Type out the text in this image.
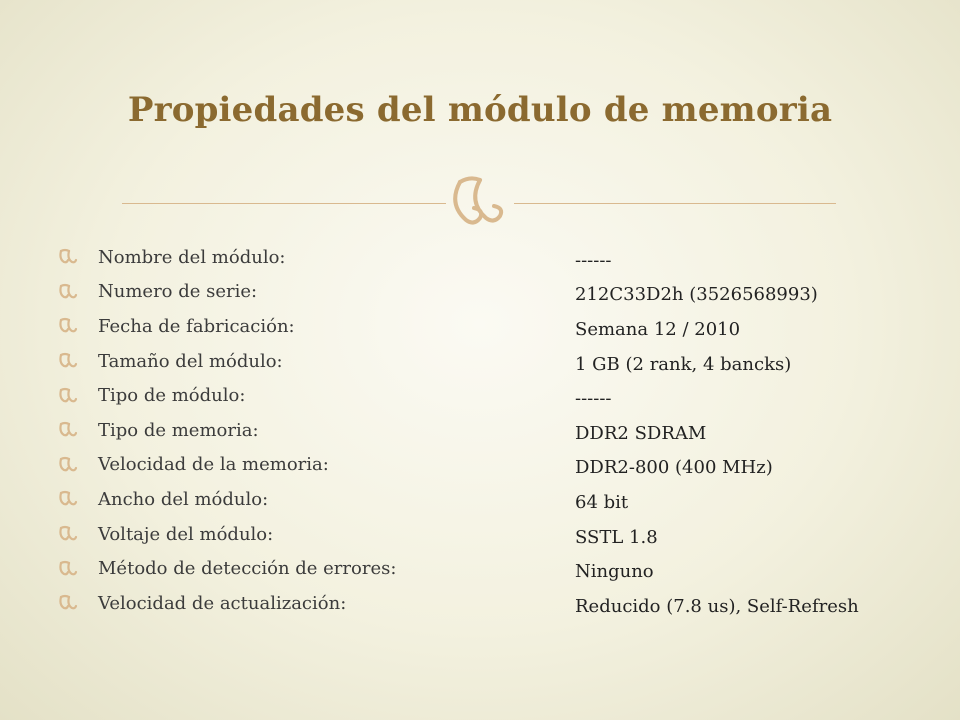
Propiedades del módulo de memoria
Nombre del módulo:
Numero de serie:
Fecha de fabricación:
Tamaño del módulo:
Tipo de módulo:
Tipo de memoria:
Velocidad de la memoria:
Ancho del módulo:
Voltaje del módulo:
Método de detección de errores:
Velocidad de actualización:
------
212C33D2h (3526568993)
Semana 12 / 2010
1 GB (2 rank, 4 bancks)
------
DDR2 SDRAM
DDR2-800 (400 MHz)
64 bit
SSTL 1.8
Ninguno
Reducido (7.8 us), Self-Refresh
